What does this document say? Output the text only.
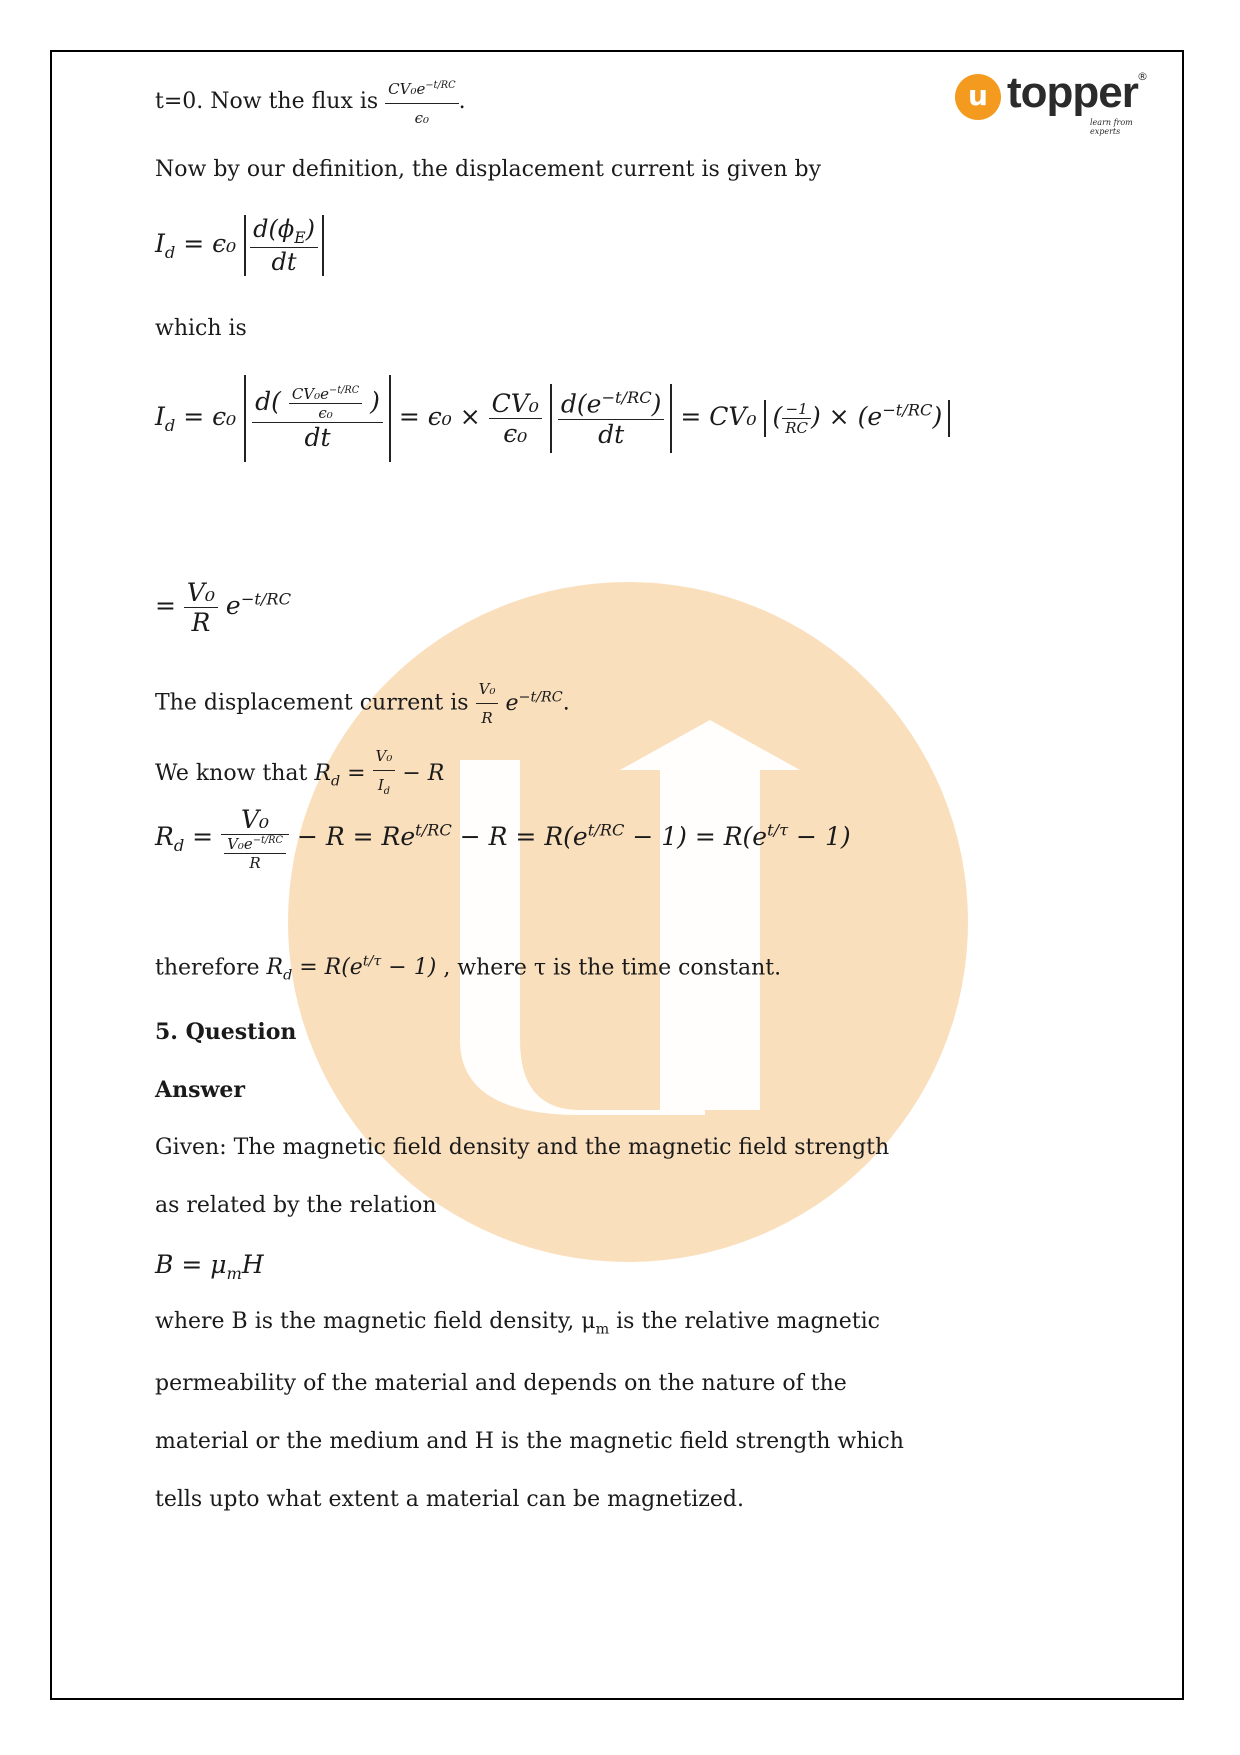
u topper ®
learn from experts
t=0. Now the flux is $\frac{CV_0e^{-t/RC}}{\text{ϵ₀}}$ .
Now by our definition, the displacement current is given by
$I_d = \epsilon_0 \frac{d(\phi_E)}{dt}$
which is
$I_d = \epsilon_0 \frac{d( \frac{CV_0e^{-t/RC}}{\text{ϵ₀}} )}{dt} = \epsilon_0 \times \frac{\text{CV₀}}{\text{ϵ₀}}$
$\frac{d(e^{-t/RC})}{dt} = CV_0$ ( $\frac{-1}{RC}$ ) × $(e^{-t/RC})$
= $\frac{\text{V₀}}{R} e^{-t/RC}$
The displacement current is $\frac{\text{V₀}}{R} e^{-t/RC}$.
We know that $R_d = \frac{\text{V₀}}{I_d} - R$
$R_d = \frac{\text{V₀}}{\frac{V_0e^{-t/RC}}{R}} - R = Re^{t/RC} - R = R(e^{t/RC} - 1) = R(e^{t/\tau} - 1)$
therefore $R_d = R(e^{t/\tau} - 1)$ , where τ is the time constant.
5. Question
Answer
Given: The magnetic field density and the magnetic field strength
as related by the relation
$B = \mu_mH$
where B is the magnetic field density, $\mu_m$ is the relative magnetic
permeability of the material and depends on the nature of the
material or the medium and H is the magnetic field strength which
tells upto what extent a material can be magnetized.
